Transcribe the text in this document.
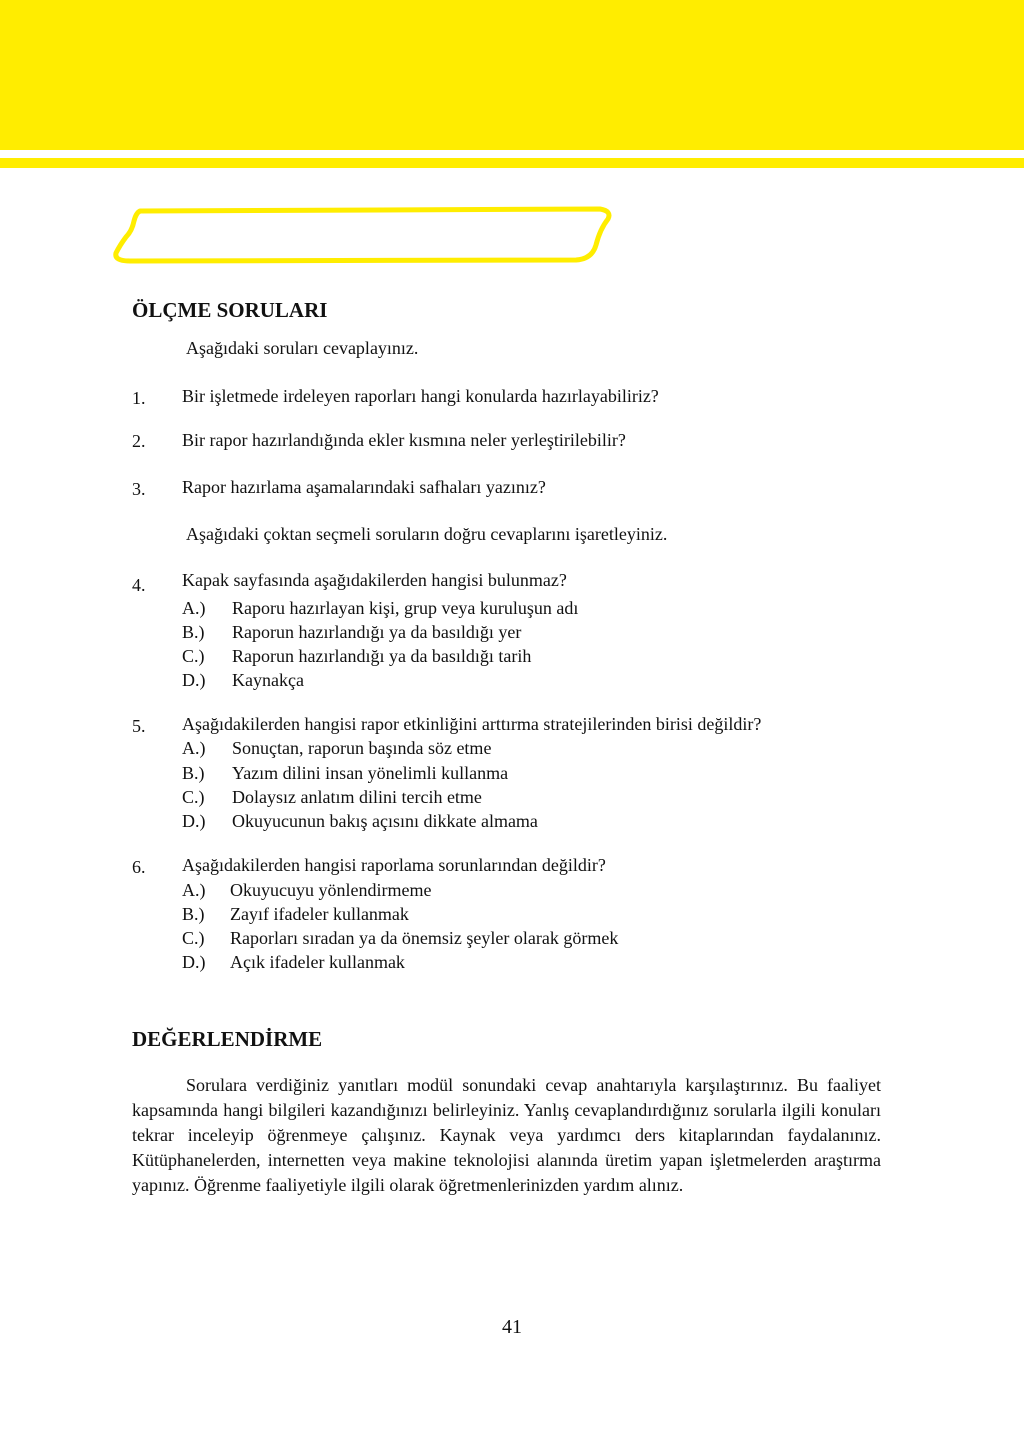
ÖLÇME SORULARI
Aşağıdaki soruları cevaplayınız.
1. Bir işletmede irdeleyen raporları hangi konularda hazırlayabiliriz?
2. Bir rapor hazırlandığında ekler kısmına neler yerleştirilebilir?
3. Rapor hazırlama aşamalarındaki safhaları yazınız?
Aşağıdaki çoktan seçmeli soruların doğru cevaplarını işaretleyiniz.
4. Kapak sayfasında aşağıdakilerden hangisi bulunmaz?
A.) Raporu hazırlayan kişi, grup veya kuruluşun adı
B.) Raporun hazırlandığı ya da basıldığı yer
C.) Raporun hazırlandığı ya da basıldığı tarih
D.) Kaynakça
5. Aşağıdakilerden hangisi rapor etkinliğini arttırma stratejilerinden birisi değildir?
A.) Sonuçtan, raporun başında söz etme
B.) Yazım dilini insan yönelimli kullanma
C.) Dolaysız anlatım dilini tercih etme
D.) Okuyucunun bakış açısını dikkate almama
6. Aşağıdakilerden hangisi raporlama sorunlarından değildir?
A.) Okuyucuyu yönlendirmeme
B.) Zayıf ifadeler kullanmak
C.) Raporları sıradan ya da önemsiz şeyler olarak görmek
D.) Açık ifadeler kullanmak
DEĞERLENDİRME

Sorulara verdiğiniz yanıtları modül sonundaki cevap anahtarıyla karşılaştırınız. Bu faaliyet kapsamında hangi bilgileri kazandığınızı belirleyiniz. Yanlış cevaplandırdığınız sorularla ilgili konuları tekrar inceleyip öğrenmeye çalışınız. Kaynak veya yardımcı ders kitaplarından faydalanınız. Kütüphanelerden, internetten veya makine teknolojisi alanında üretim yapan işletmelerden araştırma yapınız. Öğrenme faaliyetiyle ilgili olarak öğretmenlerinizden yardım alınız.

41
